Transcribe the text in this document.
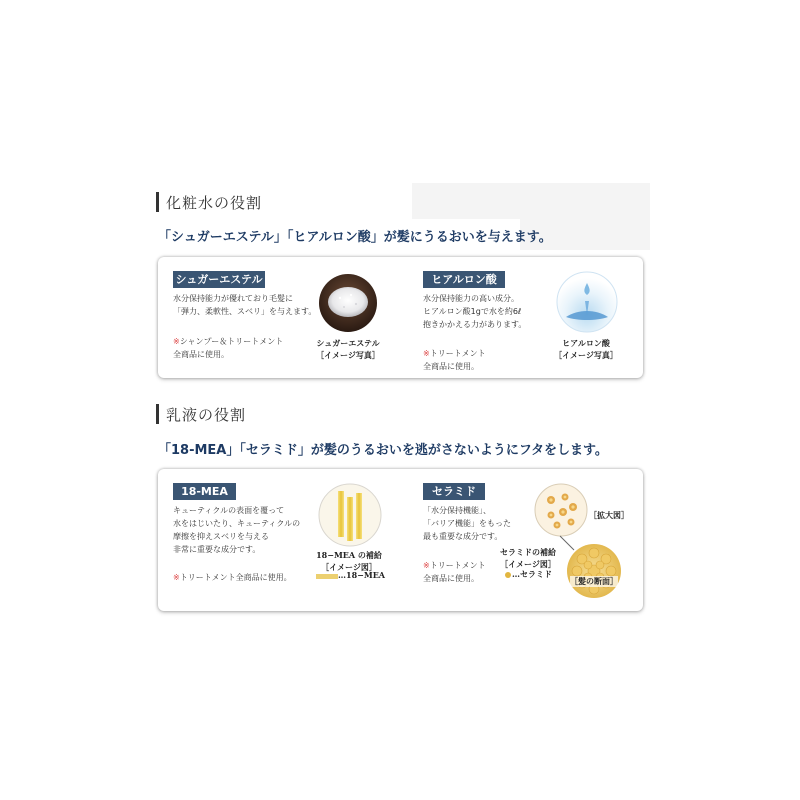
化粧水の役割
「シュガーエステル」「ヒアルロン酸」が髪にうるおいを与えます。
シュガーエステル
水分保持能力が優れており毛髪に
「弾力、柔軟性、スベリ」を与えます。

※シャンプー＆トリートメント
全商品に使用。

シュガーエステル
［イメージ写真］
ヒアルロン酸
水分保持能力の高い成分。
ヒアルロン酸1gで水を約6ℓ
抱きかかえる力があります。

※トリートメント
全商品に使用。

ヒアルロン酸
［イメージ写真］
乳液の役割
「18-MEA」「セラミド」が髪のうるおいを逃がさないようにフタをします。
18-MEA
キューティクルの表面を覆って
水をはじいたり、キューティクルの
摩擦を抑えスベリを与える
非常に重要な成分です。

※トリートメント全商品に使用。

18−MEA の補給
［イメージ図］
…18−MEA
セラミド
「水分保持機能」、
「バリア機能」をもった
最も重要な成分です。

※トリートメント
全商品に使用。

セラミドの補給
［イメージ図］
…セラミド
［拡大図］
［髪の断面］
